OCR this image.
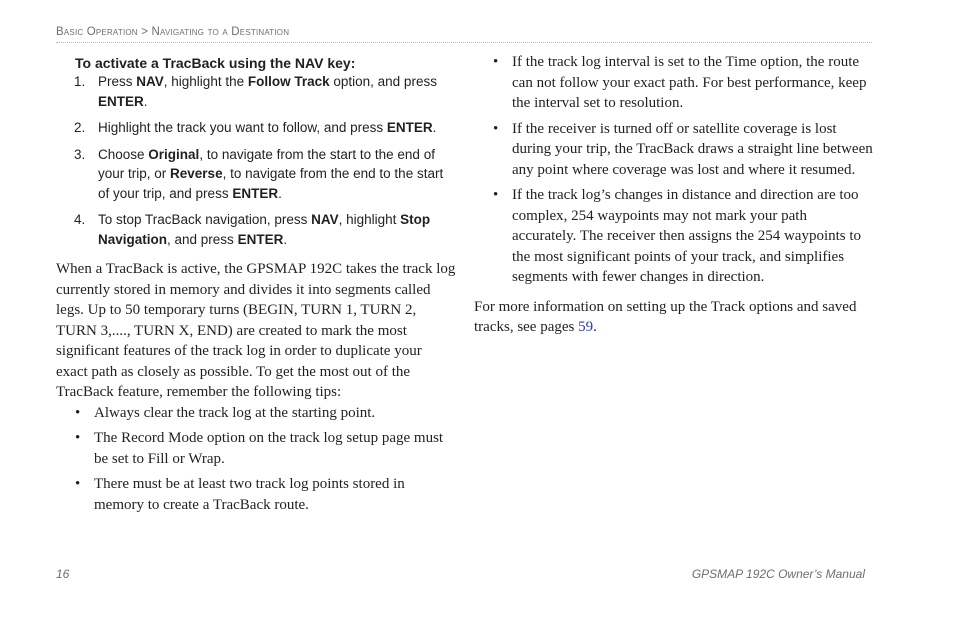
Basic Operation > Navigating to a Destination
To activate a TracBack using the NAV key:
1. Press NAV, highlight the Follow Track option, and press ENTER.
2. Highlight the track you want to follow, and press ENTER.
3. Choose Original, to navigate from the start to the end of your trip, or Reverse, to navigate from the end to the start of your trip, and press ENTER.
4. To stop TracBack navigation, press NAV, highlight Stop Navigation, and press ENTER.

When a TracBack is active, the GPSMAP 192C takes the track log currently stored in memory and divides it into segments called legs. Up to 50 temporary turns (BEGIN, TURN 1, TURN 2, TURN 3,...., TURN X, END) are created to mark the most significant features of the track log in order to duplicate your exact path as closely as possible. To get the most out of the TracBack feature, remember the following tips:

• Always clear the track log at the starting point.
• The Record Mode option on the track log setup page must be set to Fill or Wrap.
• There must be at least two track log points stored in memory to create a TracBack route.
• If the track log interval is set to the Time option, the route can not follow your exact path. For best performance, keep the interval set to resolution.
• If the receiver is turned off or satellite coverage is lost during your trip, the TracBack draws a straight line between any point where coverage was lost and where it resumed.
• If the track log’s changes in distance and direction are too complex, 254 waypoints may not mark your path accurately. The receiver then assigns the 254 waypoints to the most significant points of your track, and simplifies segments with fewer changes in direction.

For more information on setting up the Track options and saved tracks, see pages 59.

16	GPSMAP 192C Owner’s Manual
